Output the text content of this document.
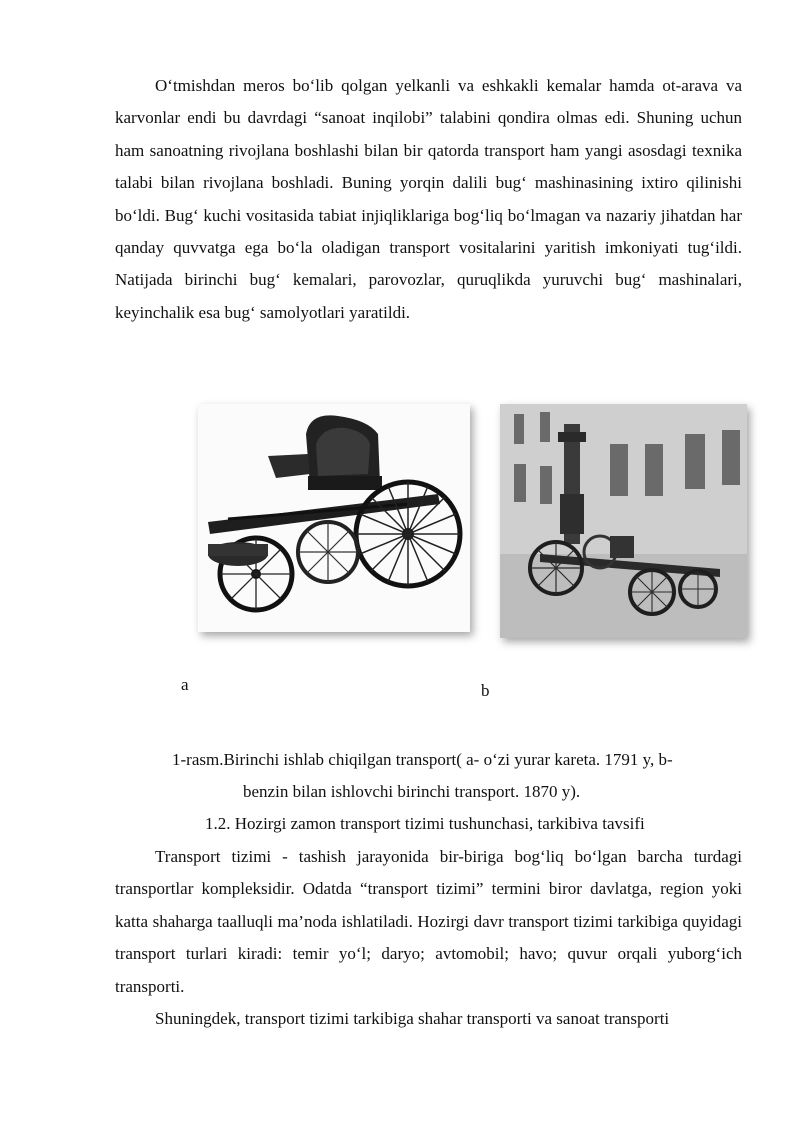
O‘tmishdan meros bo‘lib qolgan yelkanli va eshkakli kemalar hamda ot-arava va karvonlar endi bu davrdagi “sanoat inqilobi” talabini qondira olmas edi. Shuning uchun ham sanoatning rivojlana boshlashi bilan bir qatorda transport ham yangi asosdagi texnika talabi bilan rivojlana boshladi. Buning yorqin dalili bug‘ mashinasining ixtiro qilinishi bo‘ldi. Bug‘ kuchi vositasida tabiat injiqliklariga bog‘liq bo‘lmagan va nazariy jihatdan har qanday quvvatga ega bo‘la oladigan transport vositalarini yaritish imkoniyati tug‘ildi. Natijada birinchi bug‘ kemalari, parovozlar, quruqlikda yuruvchi bug‘ mashinalari, keyinchalik esa bug‘ samolyotlari yaratildi.

a	b
1-rasm.Birinchi ishlab chiqilgan transport( a- o‘zi yurar kareta. 1791 y, b-
benzin bilan ishlovchi birinchi transport. 1870 y).
1.2. Hozirgi zamon transport tizimi tushunchasi, tarkibiva tavsifi

Transport tizimi - tashish jarayonida bir-biriga bog‘liq bo‘lgan barcha turdagi transportlar kompleksidir. Odatda “transport tizimi” termini biror davlatga, region yoki katta shaharga taalluqli ma’noda ishlatiladi. Hozirgi davr transport tizimi tarkibiga quyidagi transport turlari kiradi: temir yo‘l; daryo; avtomobil; havo; quvur orqali yuborg‘ich transporti.

Shuningdek, transport tizimi tarkibiga shahar transporti va sanoat transporti
